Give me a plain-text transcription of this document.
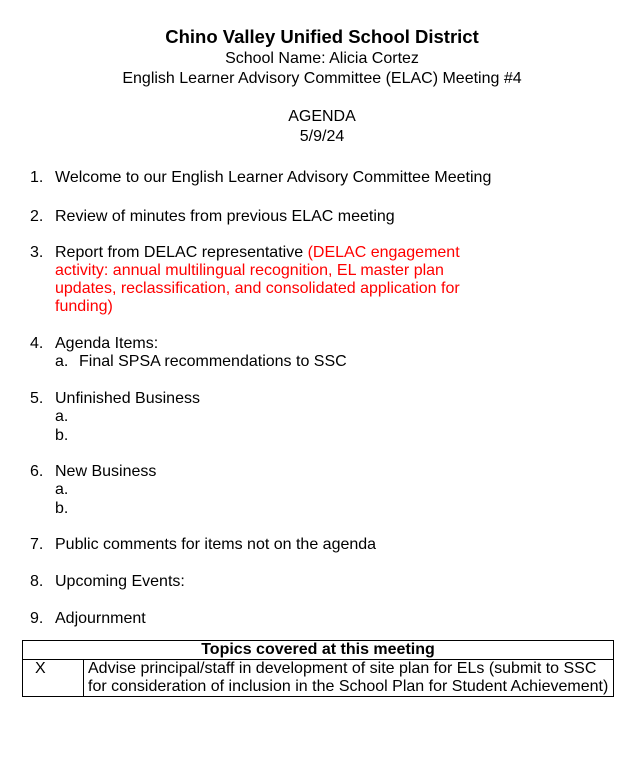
Chino Valley Unified School District
School Name: Alicia Cortez
English Learner Advisory Committee (ELAC) Meeting #4
AGENDA
5/9/24
1. Welcome to our English Learner Advisory Committee Meeting
2. Review of minutes from previous ELAC meeting
3. Report from DELAC representative (DELAC engagement activity: annual multilingual recognition, EL master plan updates, reclassification, and consolidated application for funding)
4. Agenda Items:
a. Final SPSA recommendations to SSC
5. Unfinished Business
a.
b.
6. New Business
a.
b.
7. Public comments for items not on the agenda
8. Upcoming Events:
9. Adjournment
Topics covered at this meeting
X	Advise principal/staff in development of site plan for ELs (submit to SSC for consideration of inclusion in the School Plan for Student Achievement)
